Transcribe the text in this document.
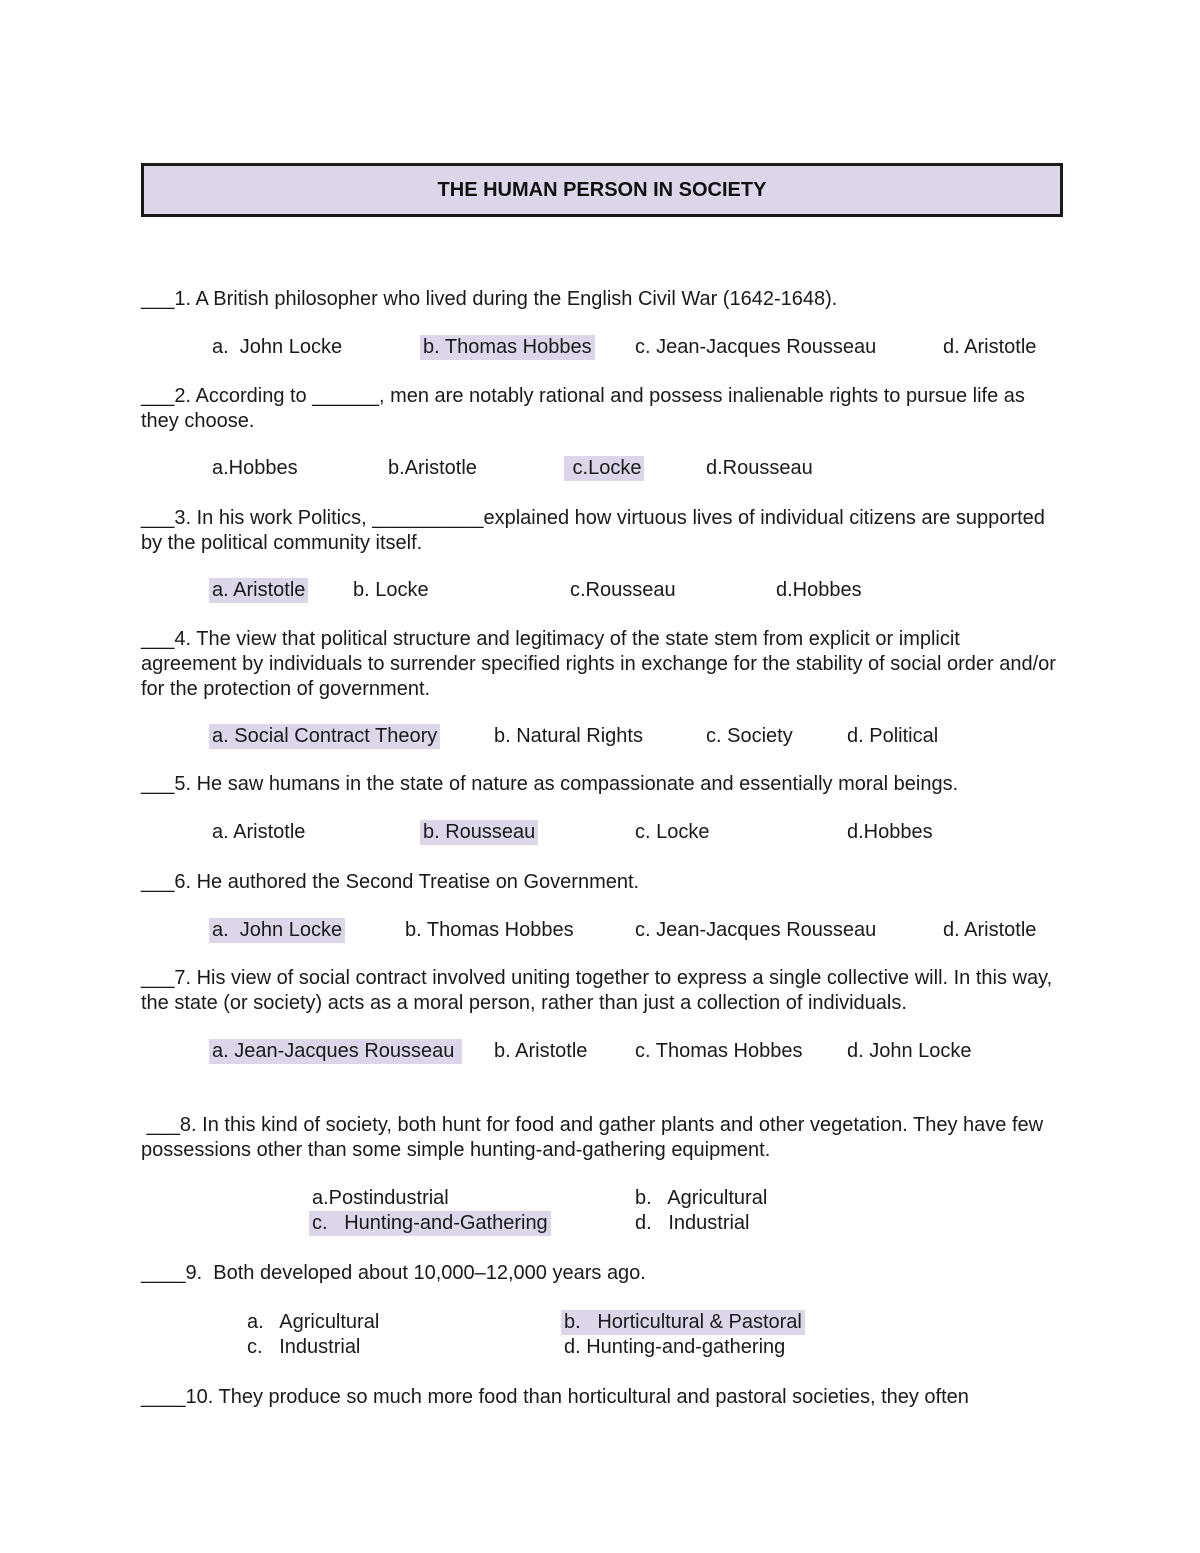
THE HUMAN PERSON IN SOCIETY
___1. A British philosopher who lived during the English Civil War (1642-1648).
a.  John Locke	b. Thomas Hobbes c. Jean-Jacques Rousseau	d. Aristotle
___2. According to ______, men are notably rational and possess inalienable rights to pursue life as they choose.
a.Hobbes	b.Aristotle	c.Locke	d.Rousseau
___3. In his work Politics, __________explained how virtuous lives of individual citizens are supported by the political community itself.
a. Aristotle b. Locke	c.Rousseau	d.Hobbes
___4. The view that political structure and legitimacy of the state stem from explicit or implicit agreement by individuals to surrender specified rights in exchange for the stability of social order and/or for the protection of government.
a. Social Contract Theory	b. Natural Rights	c. Society	d. Political
___5. He saw humans in the state of nature as compassionate and essentially moral beings.
a. Aristotle	b. Rousseau	c. Locke	d.Hobbes
___6. He authored the Second Treatise on Government.
a.  John Locke	b. Thomas Hobbes	c. Jean-Jacques Rousseau	d. Aristotle
___7. His view of social contract involved uniting together to express a single collective will. In this way, the state (or society) acts as a moral person, rather than just a collection of individuals.
a. Jean-Jacques Rousseau	b. Aristotle c. Thomas Hobbes d. John Locke
___8. In this kind of society, both hunt for food and gather plants and other vegetation. They have few possessions other than some simple hunting-and-gathering equipment.
a.Postindustrial	b.   Agricultural
c.   Hunting-and-Gathering	d.   Industrial
____9.  Both developed about 10,000–12,000 years ago.
a.   Agricultural	b.   Horticultural & Pastoral
c.   Industrial	d. Hunting-and-gathering
____10. They produce so much more food than horticultural and pastoral societies, they often
